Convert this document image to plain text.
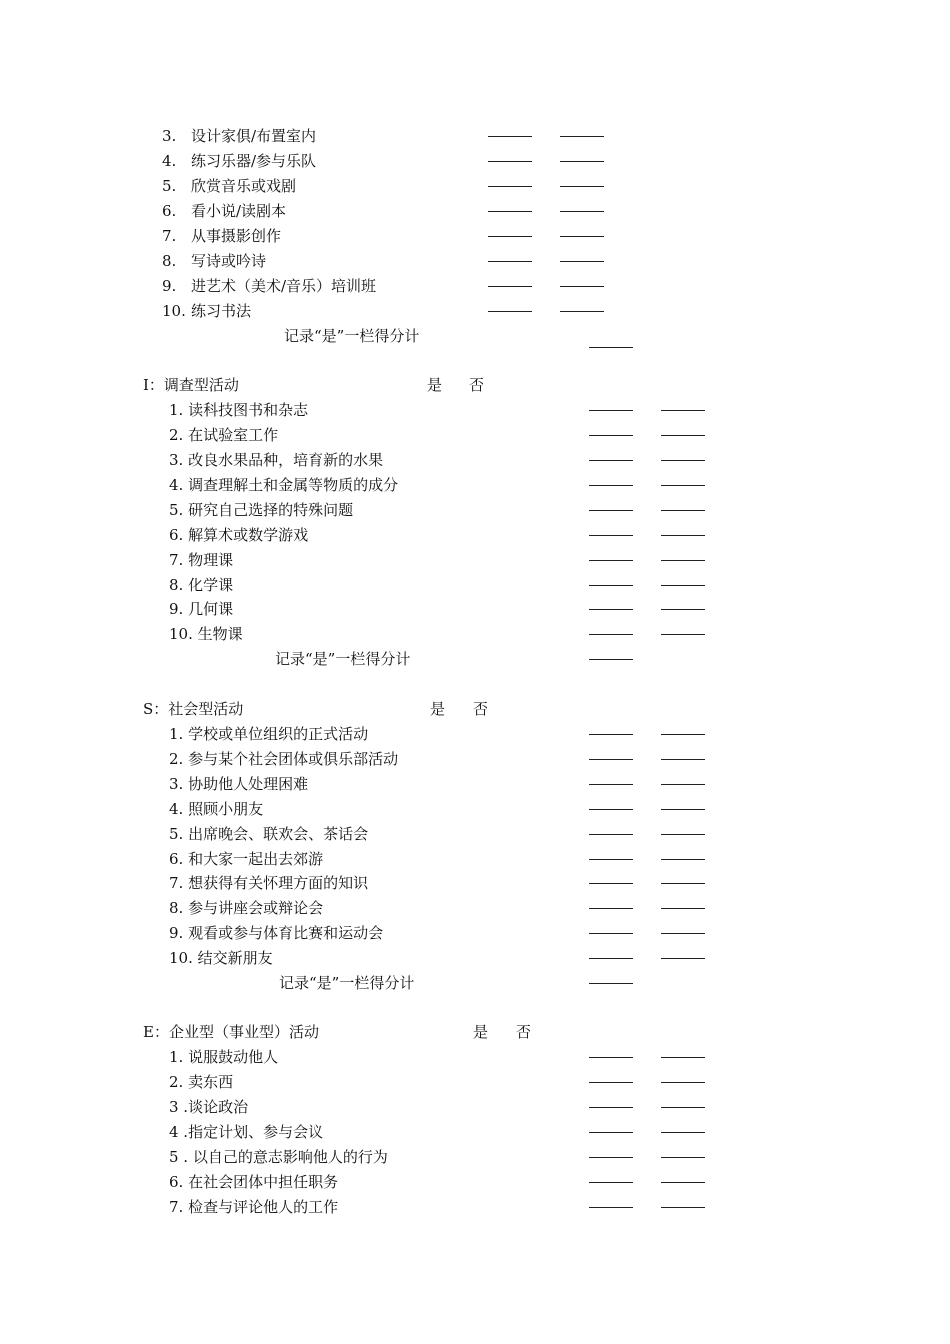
3. 设计家俱/布置室内
4. 练习乐器/参与乐队
5. 欣赏音乐或戏剧
6. 看小说/读剧本
7. 从事摄影创作
8. 写诗或吟诗
9. 进艺术（美术/音乐）培训班
10. 练习书法
记录“是”一栏得分计
I：调查型活动	是 否
1. 读科技图书和杂志
2. 在试验室工作
3. 改良水果品种，培育新的水果
4. 调查理解土和金属等物质的成分
5. 研究自己选择的特殊问题
6. 解算术或数学游戏
7. 物理课
8. 化学课
9. 几何课
10. 生物课
记录“是”一栏得分计
S：社会型活动	是 否
1. 学校或单位组织的正式活动
2. 参与某个社会团体或俱乐部活动
3. 协助他人处理困难
4. 照顾小朋友
5. 出席晚会、联欢会、茶话会
6. 和大家一起出去郊游
7. 想获得有关怀理方面的知识
8. 参与讲座会或辩论会
9. 观看或参与体育比赛和运动会
10. 结交新朋友
记录“是”一栏得分计
E：企业型（事业型）活动	是 否
1. 说服鼓动他人
2. 卖东西
3 .谈论政治
4 .指定计划、参与会议
5 . 以自己的意志影响他人的行为
6. 在社会团体中担任职务
7. 检查与评论他人的工作
